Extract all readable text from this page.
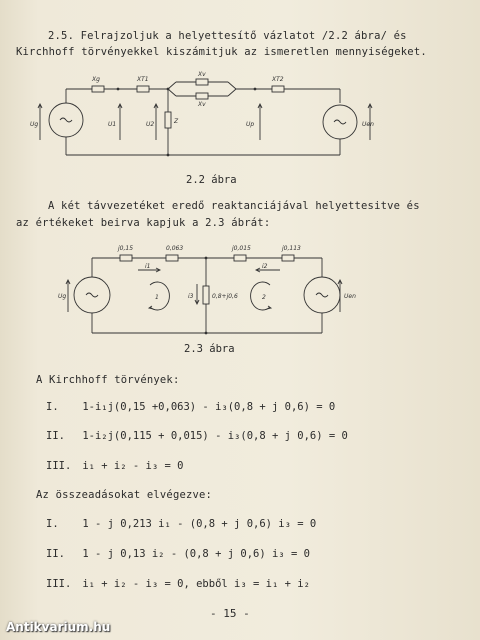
2.5. Felrajzoljuk a helyettesítő vázlatot /2.2 ábra/ és
Kirchhoff törvényekkel kiszámitjuk az ismeretlen mennyiségeket.
Xg	XT1
Xv
Xv
XT2
Ug	U1	U2	Z	Up	Uen
j0,15	0,063	j0,015	j0,113
i1	i2
i3	0,8+j0,6
1	2
Ug	Uen
2.2 ábra
A két távvezetéket eredő reaktanciájával helyettesitve és
az értékeket beirva kapjuk a 2.3 ábrát:
2.3 ábra
A Kirchhoff törvények:
I. 1-i₁j(0,15 +0,063) - i₃(0,8 + j 0,6) = 0
II. 1-i₂j(0,115 + 0,015) - i₃(0,8 + j 0,6) = 0
III. i₁ + i₂ - i₃ = 0
Az összeadásokat elvégezve:
I. 1 - j 0,213 i₁ - (0,8 + j 0,6) i₃ = 0
II. 1 - j 0,13 i₂ - (0,8 + j 0,6) i₃ = 0
III. i₁ + i₂ - i₃ = 0, ebből i₃ = i₁ + i₂
- 15 -
Antikvarium.hu
